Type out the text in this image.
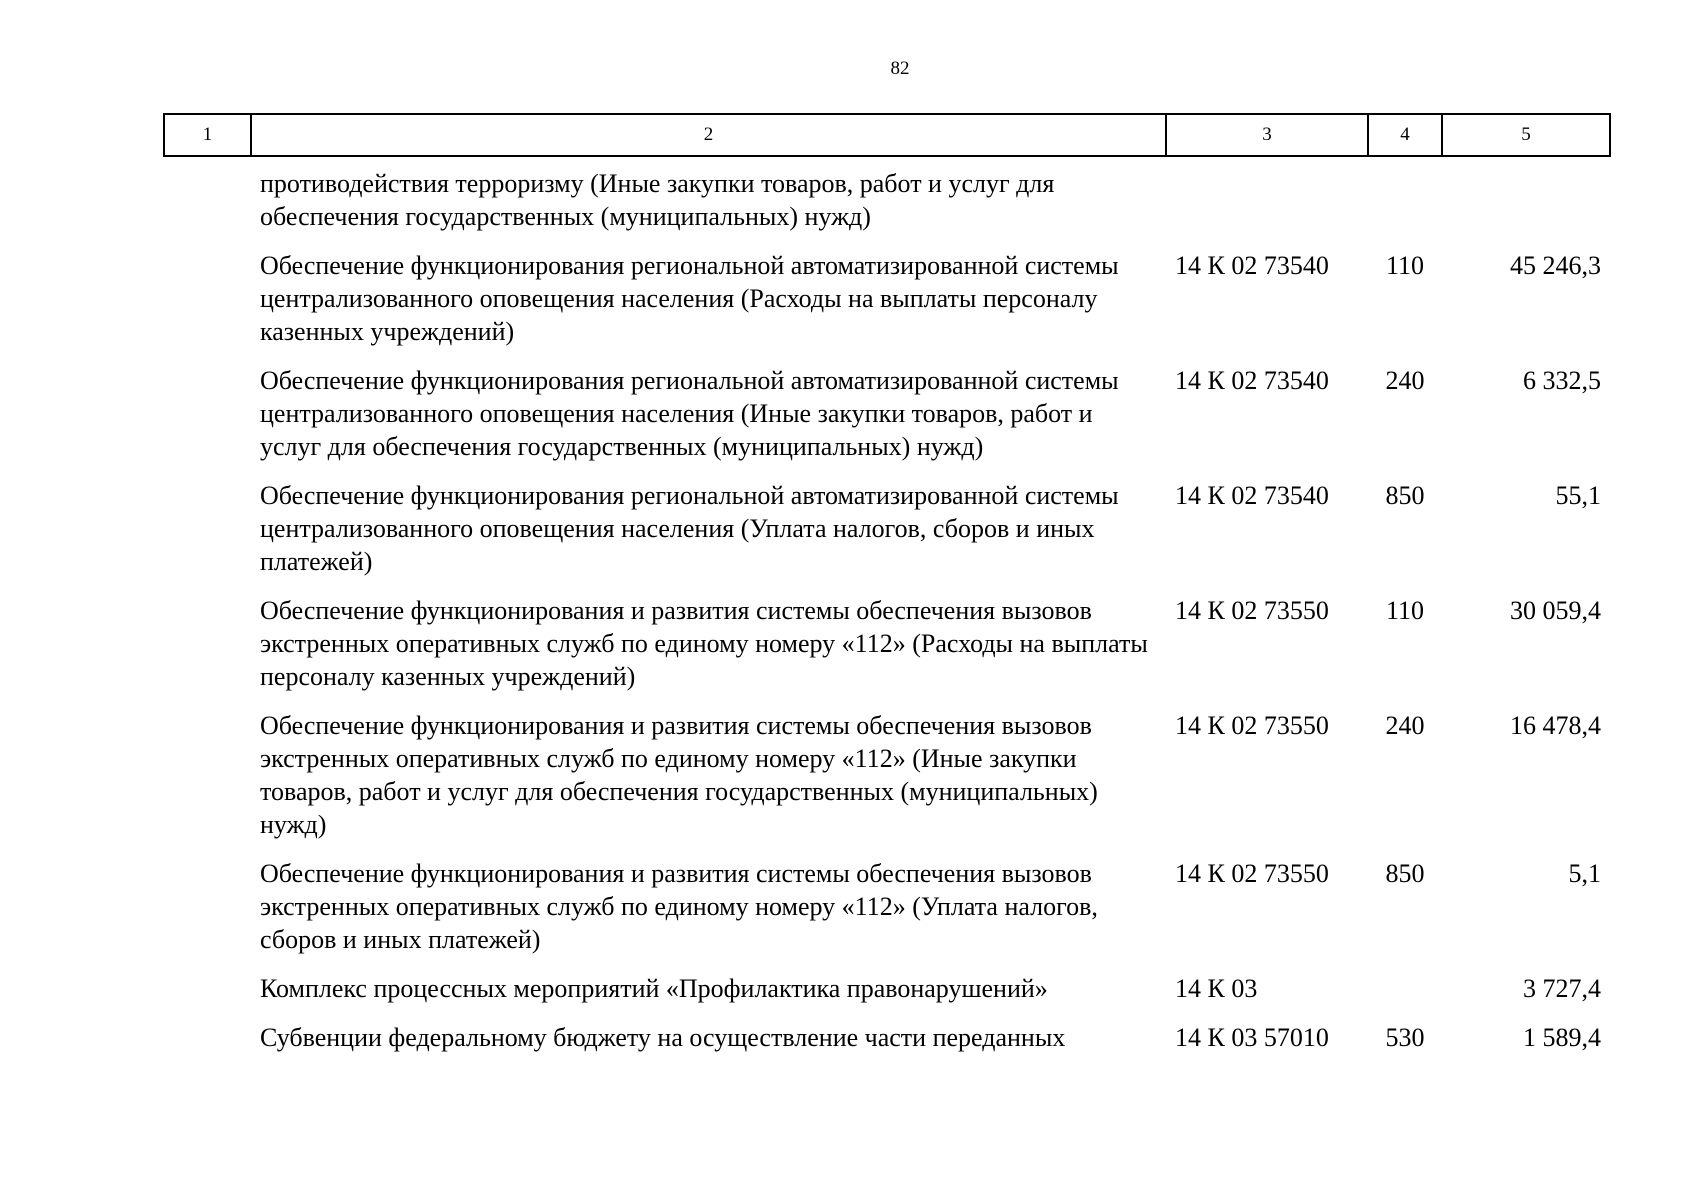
82
1	2	3	4	5
	противодействия терроризму (Иные закупки товаров, работ и услуг для обеспечения государственных (муниципальных) нужд)			
	Обеспечение функционирования региональной автоматизированной системы централизованного оповещения населения (Расходы на выплаты персоналу казенных учреждений)	14 К 02 73540	110	45 246,3
	Обеспечение функционирования региональной автоматизированной системы централизованного оповещения населения (Иные закупки товаров, работ и услуг для обеспечения государственных (муниципальных) нужд)	14 К 02 73540	240	6 332,5
	Обеспечение функционирования региональной автоматизированной системы централизованного оповещения населения (Уплата налогов, сборов и иных платежей)	14 К 02 73540	850	55,1
	Обеспечение функционирования и развития системы обеспечения вызовов экстренных оперативных служб по единому номеру «112» (Расходы на выплаты персоналу казенных учреждений)	14 К 02 73550	110	30 059,4
	Обеспечение функционирования и развития системы обеспечения вызовов экстренных оперативных служб по единому номеру «112» (Иные закупки товаров, работ и услуг для обеспечения государственных (муниципальных) нужд)	14 К 02 73550	240	16 478,4
	Обеспечение функционирования и развития системы обеспечения вызовов экстренных оперативных служб по единому номеру «112» (Уплата налогов, сборов и иных платежей)	14 К 02 73550	850	5,1
	Комплекс процессных мероприятий «Профилактика правонарушений»	14 К 03		3 727,4
	Субвенции федеральному бюджету на осуществление части переданных	14 К 03 57010	530	1 589,4
